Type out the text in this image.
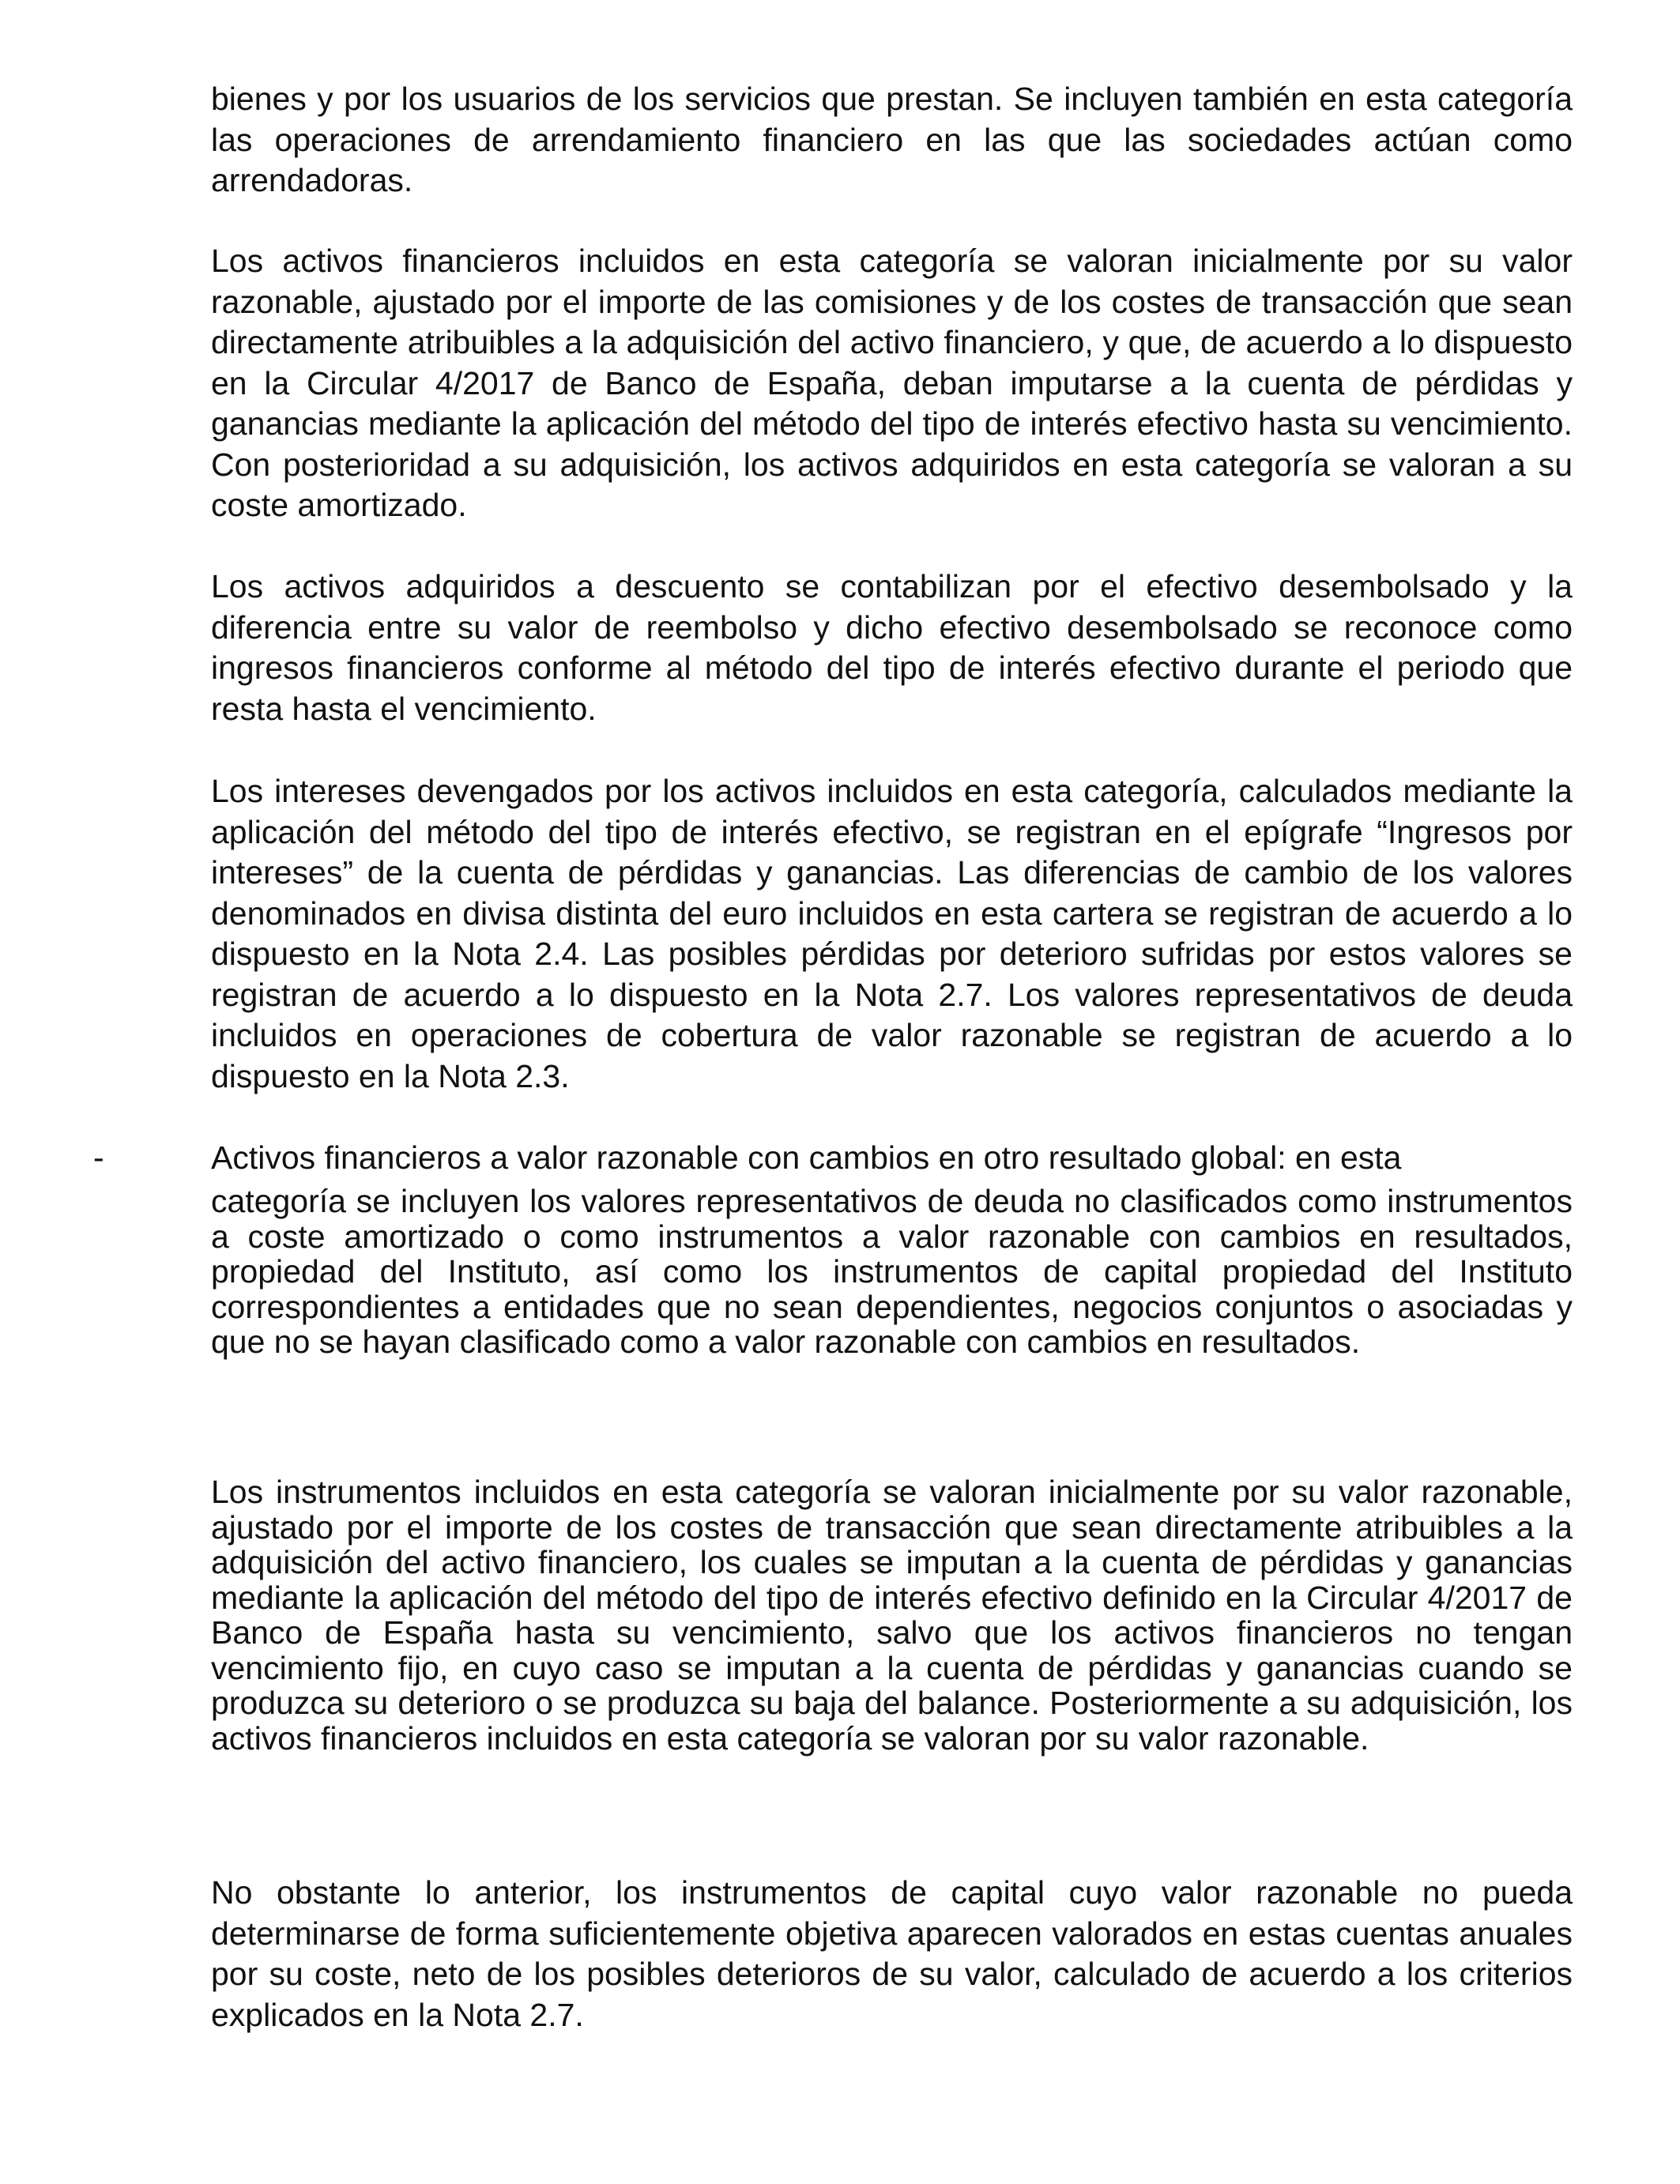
bienes y por los usuarios de los servicios que prestan. Se incluyen también en esta categoría las operaciones de arrendamiento financiero en las que las sociedades actúan como arrendadoras.

Los activos financieros incluidos en esta categoría se valoran inicialmente por su valor razonable, ajustado por el importe de las comisiones y de los costes de transacción que sean directamente atribuibles a la adquisición del activo financiero, y que, de acuerdo a lo dispuesto en la Circular 4/2017 de Banco de España, deban imputarse a la cuenta de pérdidas y ganancias mediante la aplicación del método del tipo de interés efectivo hasta su vencimiento. Con posterioridad a su adquisición, los activos adquiridos en esta categoría se valoran a su coste amortizado.

Los activos adquiridos a descuento se contabilizan por el efectivo desembolsado y la diferencia entre su valor de reembolso y dicho efectivo desembolsado se reconoce como ingresos financieros conforme al método del tipo de interés efectivo durante el periodo que resta hasta el vencimiento.

Los intereses devengados por los activos incluidos en esta categoría, calculados mediante la aplicación del método del tipo de interés efectivo, se registran en el epígrafe “Ingresos por intereses” de la cuenta de pérdidas y ganancias. Las diferencias de cambio de los valores denominados en divisa distinta del euro incluidos en esta cartera se registran de acuerdo a lo dispuesto en la Nota 2.4. Las posibles pérdidas por deterioro sufridas por estos valores se registran de acuerdo a lo dispuesto en la Nota 2.7. Los valores representativos de deuda incluidos en operaciones de cobertura de valor razonable se registran de acuerdo a lo dispuesto en la Nota 2.3.

-	Activos financieros a valor razonable con cambios en otro resultado global: en esta
categoría se incluyen los valores representativos de deuda no clasificados como instrumentos a coste amortizado o como instrumentos a valor razonable con cambios en resultados, propiedad del Instituto, así como los instrumentos de capital propiedad del Instituto correspondientes a entidades que no sean dependientes, negocios conjuntos o asociadas y que no se hayan clasificado como a valor razonable con cambios en resultados.

Los instrumentos incluidos en esta categoría se valoran inicialmente por su valor razonable, ajustado por el importe de los costes de transacción que sean directamente atribuibles a la adquisición del activo financiero, los cuales se imputan a la cuenta de pérdidas y ganancias mediante la aplicación del método del tipo de interés efectivo definido en la Circular 4/2017 de Banco de España hasta su vencimiento, salvo que los activos financieros no tengan vencimiento fijo, en cuyo caso se imputan a la cuenta de pérdidas y ganancias cuando se produzca su deterioro o se produzca su baja del balance. Posteriormente a su adquisición, los activos financieros incluidos en esta categoría se valoran por su valor razonable.

No obstante lo anterior, los instrumentos de capital cuyo valor razonable no pueda determinarse de forma suficientemente objetiva aparecen valorados en estas cuentas anuales por su coste, neto de los posibles deterioros de su valor, calculado de acuerdo a los criterios explicados en la Nota 2.7.
